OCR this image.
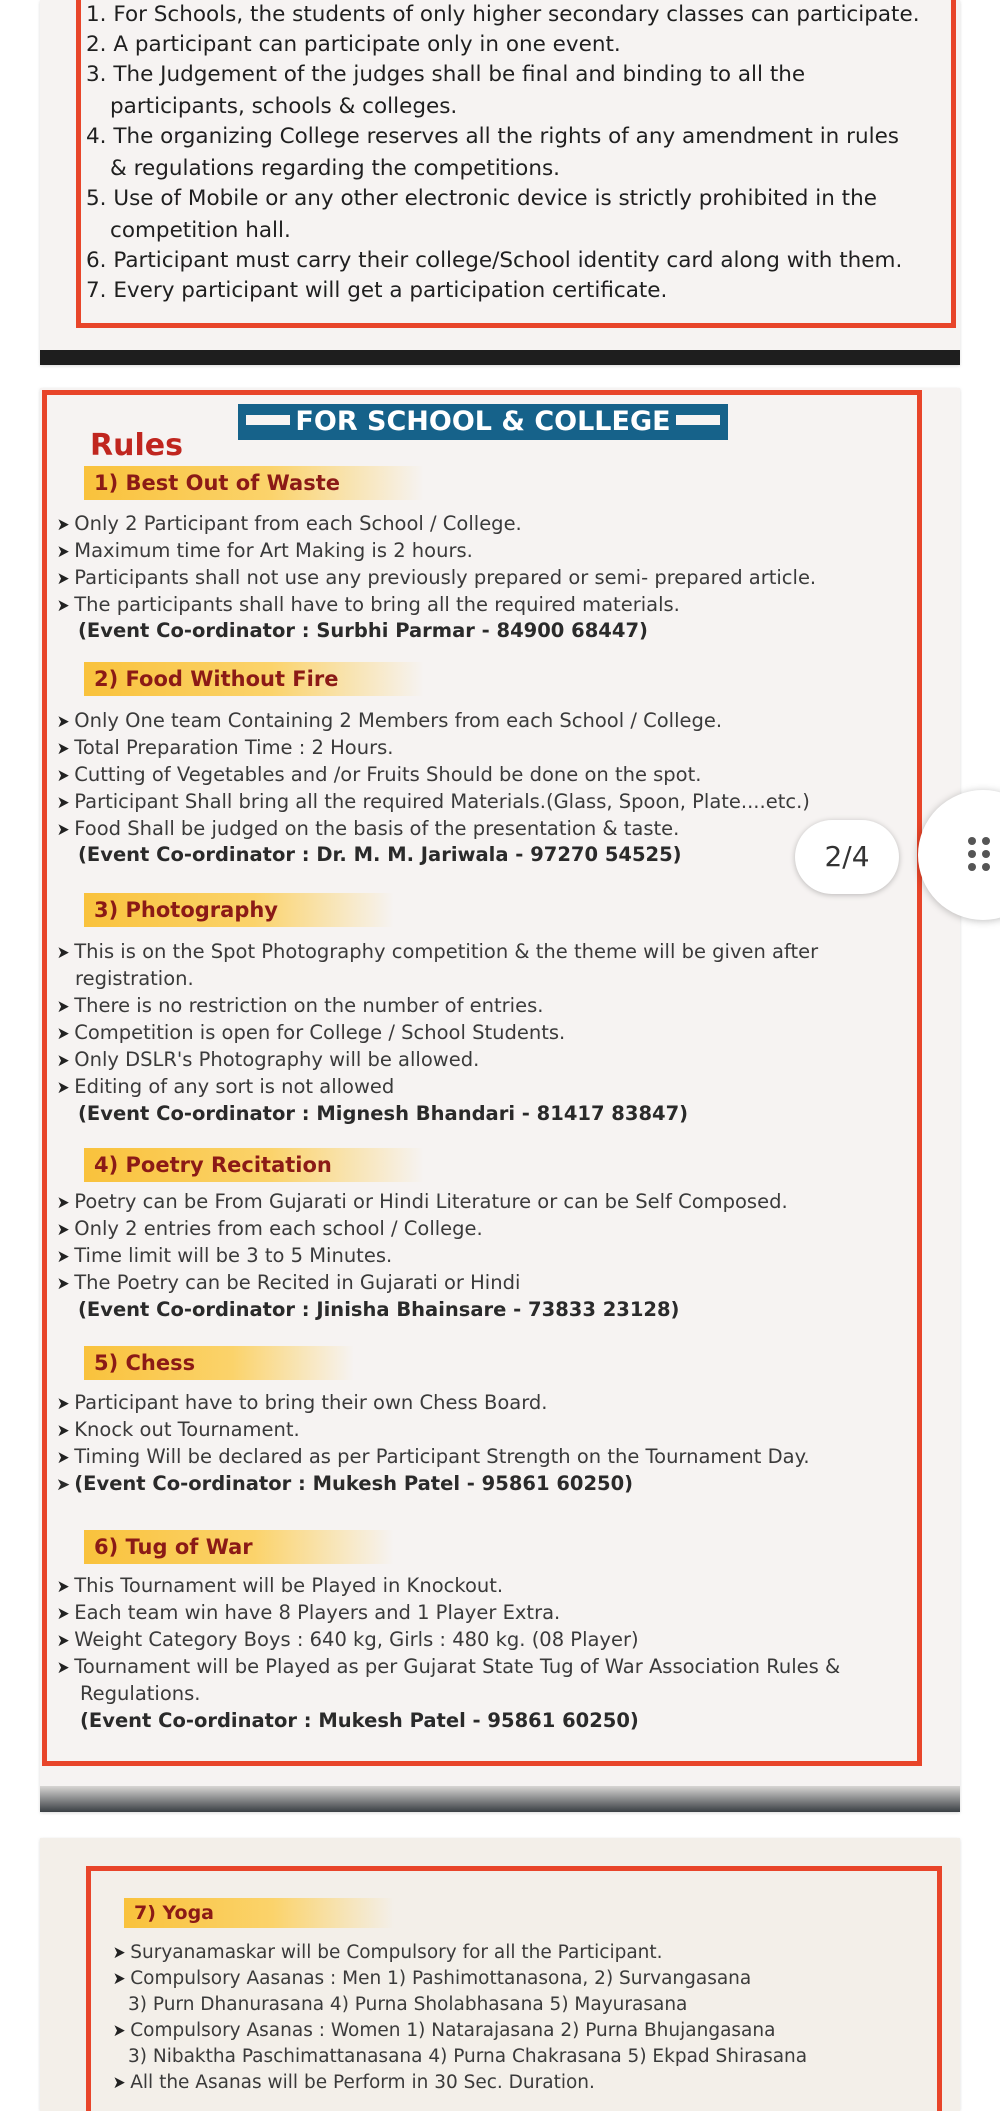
1. For Schools, the students of only higher secondary classes can participate.
2. A participant can participate only in one event.
3. The Judgement of the judges shall be final and binding to all the
participants, schools & colleges.
4. The organizing College reserves all the rights of any amendment in rules
& regulations regarding the competitions.
5. Use of Mobile or any other electronic device is strictly prohibited in the
competition hall.
6. Participant must carry their college/School identity card along with them.
7. Every participant will get a participation certificate.
FOR SCHOOL & COLLEGE
Rules
1) Best Out of Waste
➤ Only 2 Participant from each School / College.
➤ Maximum time for Art Making is 2 hours.
➤ Participants shall not use any previously prepared or semi- prepared article.
➤ The participants shall have to bring all the required materials.
(Event Co-ordinator : Surbhi Parmar - 84900 68447)
2) Food Without Fire
➤ Only One team Containing 2 Members from each School / College.
➤ Total Preparation Time : 2 Hours.
➤ Cutting of Vegetables and /or Fruits Should be done on the spot.
➤ Participant Shall bring all the required Materials.(Glass, Spoon, Plate....etc.)
➤ Food Shall be judged on the basis of the presentation & taste.
(Event Co-ordinator : Dr. M. M. Jariwala - 97270 54525)
3) Photography
➤ This is on the Spot Photography competition & the theme will be given after
registration.
➤ There is no restriction on the number of entries.
➤ Competition is open for College / School Students.
➤ Only DSLR's Photography will be allowed.
➤ Editing of any sort is not allowed
(Event Co-ordinator : Mignesh Bhandari - 81417 83847)
4) Poetry Recitation
➤ Poetry can be From Gujarati or Hindi Literature or can be Self Composed.
➤ Only 2 entries from each school / College.
➤ Time limit will be 3 to 5 Minutes.
➤ The Poetry can be Recited in Gujarati or Hindi
(Event Co-ordinator : Jinisha Bhainsare - 73833 23128)
5) Chess
➤ Participant have to bring their own Chess Board.
➤ Knock out Tournament.
➤ Timing Will be declared as per Participant Strength on the Tournament Day.
➤ (Event Co-ordinator : Mukesh Patel - 95861 60250)
6) Tug of War
➤ This Tournament will be Played in Knockout.
➤ Each team win have 8 Players and 1 Player Extra.
➤ Weight Category Boys : 640 kg, Girls : 480 kg. (08 Player)
➤ Tournament will be Played as per Gujarat State Tug of War Association Rules &
Regulations.
(Event Co-ordinator : Mukesh Patel - 95861 60250)
7) Yoga
➤ Suryanamaskar will be Compulsory for all the Participant.
➤ Compulsory Aasanas : Men 1) Pashimottanasona, 2) Survangasana
3) Purn Dhanurasana 4) Purna Sholabhasana 5) Mayurasana
➤ Compulsory Asanas : Women 1) Natarajasana 2) Purna Bhujangasana
3) Nibaktha Paschimattanasana 4) Purna Chakrasana 5) Ekpad Shirasana
➤ All the Asanas will be Perform in 30 Sec. Duration.
2/4
